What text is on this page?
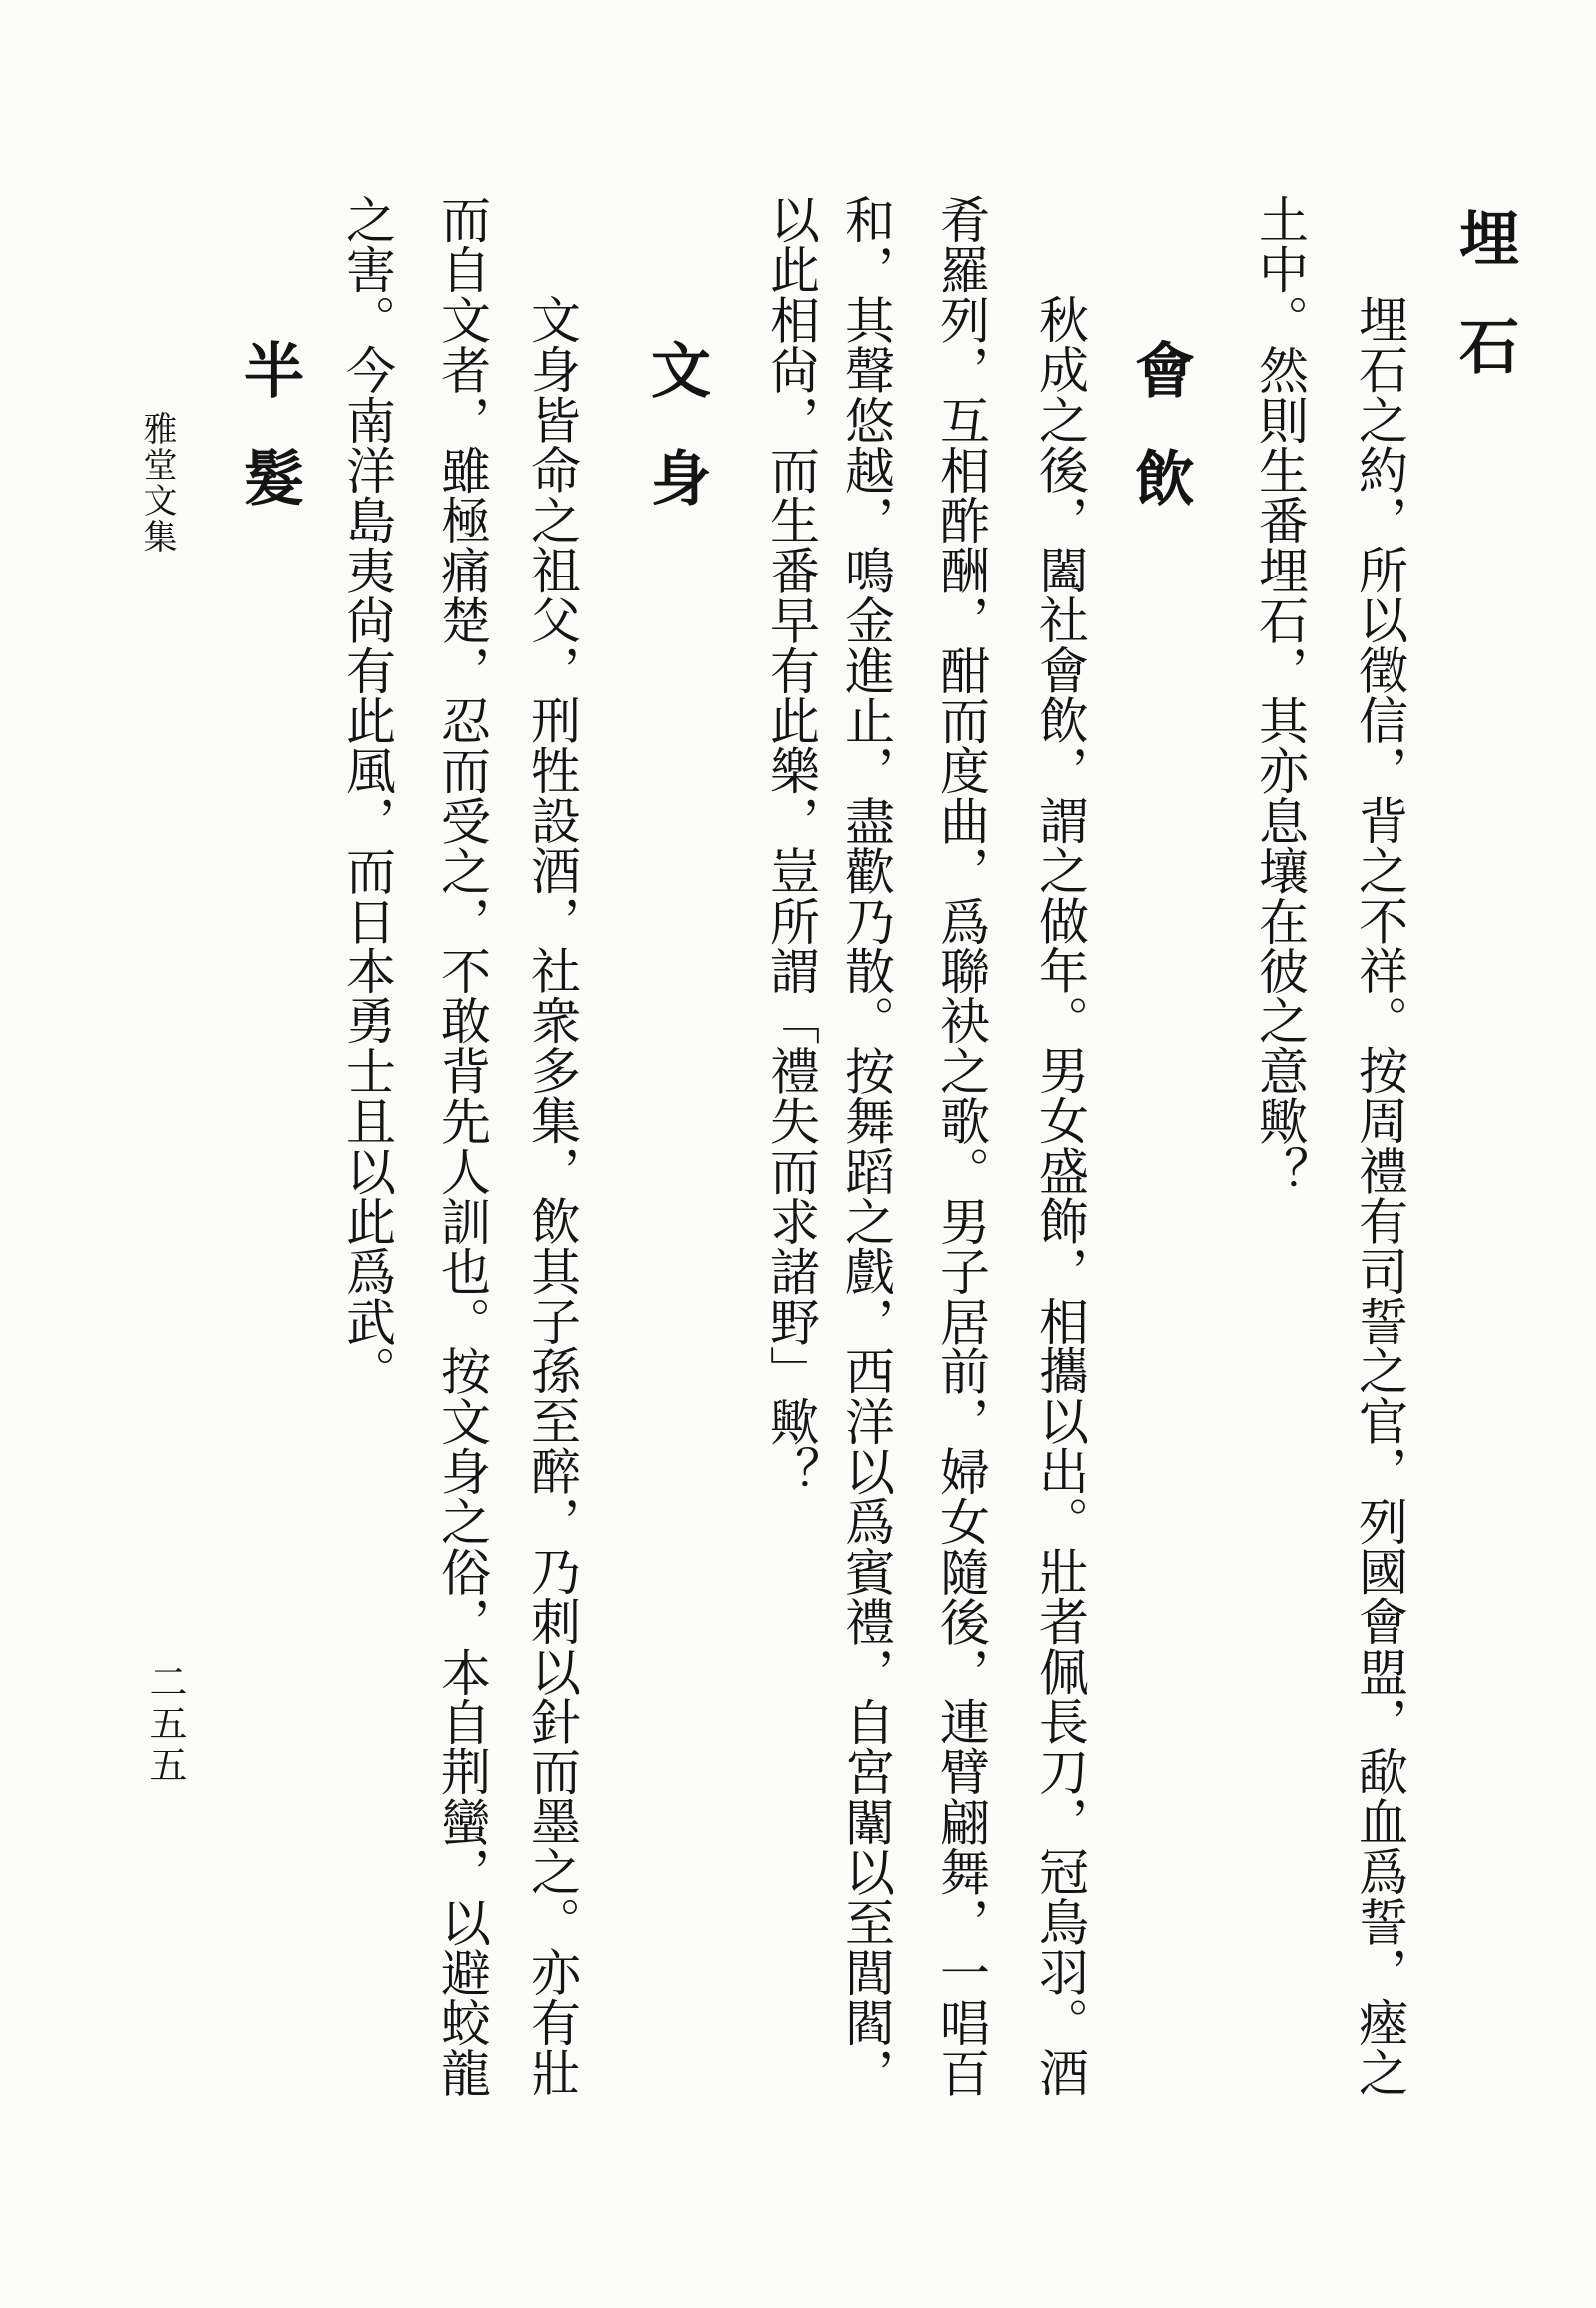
埋石
埋石之約，所以徵信，背之不祥。按周禮有司誓之官，列國會盟，歃血爲誓，瘞之
土中。然則生番埋石，其亦息壤在彼之意歟？
會飲
秋成之後，闔社會飲，謂之做年。男女盛飾，相攜以出。壯者佩長刀，冠鳥羽。酒
肴羅列，互相酢酬，酣而度曲，爲聯袂之歌。男子居前，婦女隨後，連臂翩舞，一唱百
和，其聲悠越，鳴金進止，盡歡乃散。按舞蹈之戲，西洋以爲賓禮，自宮闈以至閭閻，
以此相尙，而生番早有此樂，豈所謂「禮失而求諸野」歟？
文身
文身皆命之祖父，刑牲設酒，社衆多集，飲其子孫至醉，乃刺以針而墨之。亦有壯
而自文者，雖極痛楚，忍而受之，不敢背先人訓也。按文身之俗，本自荆蠻，以避蛟龍
之害。今南洋島夷尙有此風，而日本勇士且以此爲武。
半髮
雅堂文集
二五五
